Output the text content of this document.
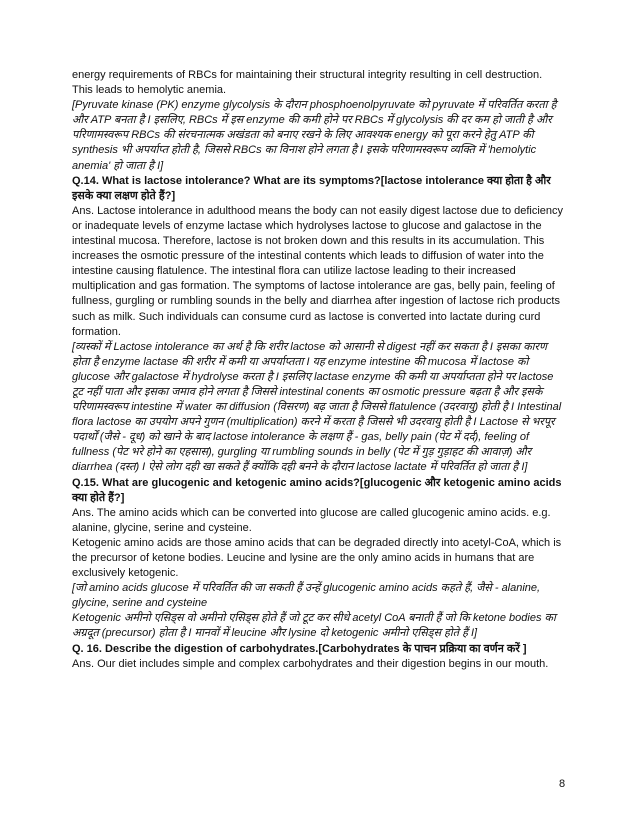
energy requirements of RBCs for maintaining their structural integrity resulting in cell destruction. This leads to hemolytic anemia.

[Pyruvate kinase (PK) enzyme glycolysis के दौरान phosphoenolpyruvate को pyruvate में परिवर्तित करता है और ATP बनता है I इसलिए, RBCs में इस enzyme की कमी होने पर RBCs में glycolysis की दर कम हो जाती है और परिणामस्वरूप RBCs की संरचनात्मक अखंडता को बनाए रखने के लिए आवश्यक energy को पूरा करने हेतु ATP की synthesis भी अपर्याप्त होती है, जिससे RBCs का विनाश होने लगता है I इसके परिणामस्वरूप व्यक्ति में 'hemolytic anemia' हो जाता है I]

Q.14. What is lactose intolerance? What are its symptoms?[lactose intolerance क्या होता है और इसके क्या लक्षण होते हैं?]

Ans. Lactose intolerance in adulthood means the body can not easily digest lactose due to deficiency or inadequate levels of enzyme lactase which hydrolyses lactose to glucose and galactose in the intestinal mucosa. Therefore, lactose is not broken down and this results in its accumulation. This increases the osmotic pressure of the intestinal contents which leads to diffusion of water into the intestine causing flatulence. The intestinal flora can utilize lactose leading to their increased multiplication and gas formation. The symptoms of lactose intolerance are gas, belly pain, feeling of fullness, gurgling or rumbling sounds in the belly and diarrhea after ingestion of lactose rich products such as milk. Such individuals can consume curd as lactose is converted into lactate during curd formation.

[व्यस्कों में Lactose intolerance का अर्थ है कि शरीर lactose को आसानी से digest नहीं कर सकता है I इसका कारण होता है enzyme lactase की शरीर में कमी या अपर्याप्तता I यह enzyme intestine की mucosa में lactose को glucose और galactose में hydrolyse करता है I इसलिए lactase enzyme की कमी या अपर्याप्तता होने पर lactose टूट नहीं पाता और इसका जमाव होने लगता है जिससे intestinal conents का osmotic pressure बढ़ता है और इसके परिणामस्वरूप intestine में water का diffusion (विसरण) बढ़ जाता है जिससे flatulence (उदरवायु) होती है I Intestinal flora lactose का उपयोग अपने गुणन (multiplication) करने में करता है जिससे भी उदरवायु होती है I Lactose से भरपूर पदार्थों (जैसे - दूध) को खाने के बाद lactose intolerance के लक्षण हैं - gas, belly pain (पेट में दर्द), feeling of fullness (पेट भरे होने का एहसास), gurgling या rumbling sounds in belly (पेट में गुड़ गुड़ाहट की आवाज़) और diarrhea (दस्त) I ऐसे लोग दही खा सकते हैं क्योंकि दही बनने के दौरान lactose lactate में परिवर्तित हो जाता है I]

Q.15. What are glucogenic and ketogenic amino acids?[glucogenic और ketogenic amino acids क्या होते हैं?]

Ans. The amino acids which can be converted into glucose are called glucogenic amino acids. e.g. alanine, glycine, serine and cysteine.

Ketogenic amino acids are those amino acids that can be degraded directly into acetyl-CoA, which is the precursor of ketone bodies. Leucine and lysine are the only amino acids in humans that are exclusively ketogenic.

[जो amino acids glucose में परिवर्तित की जा सकती हैं उन्हें glucogenic amino acids कहते हैं, जैसे - alanine, glycine, serine and cysteine

Ketogenic अमीनो एसिड्स वो अमीनो एसिड्स होते हैं जो टूट कर सीधे acetyl CoA बनाती हैं जो कि ketone bodies का अग्रदूत (precursor) होता है I मानवों में leucine और lysine दो ketogenic अमीनो एसिड्स होते हैं I]

Q. 16. Describe the digestion of carbohydrates.[Carbohydrates के पाचन प्रक्रिया का वर्णन करें ]

Ans. Our diet includes simple and complex carbohydrates and their digestion begins in our mouth.

8
